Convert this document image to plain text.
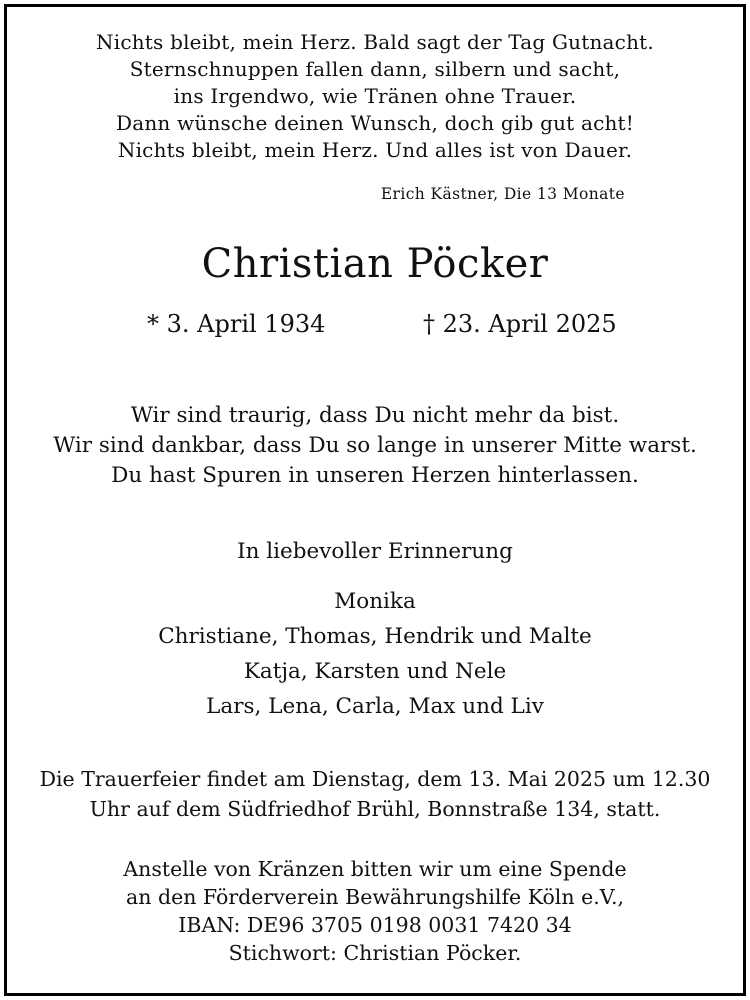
Nichts bleibt, mein Herz. Bald sagt der Tag Gutnacht.
Sternschnuppen fallen dann, silbern und sacht,
ins Irgendwo, wie Tränen ohne Trauer.
Dann wünsche deinen Wunsch, doch gib gut acht!
Nichts bleibt, mein Herz. Und alles ist von Dauer.
Erich Kästner, Die 13 Monate
Christian Pöcker
* 3. April 1934	† 23. April 2025
Wir sind traurig, dass Du nicht mehr da bist.
Wir sind dankbar, dass Du so lange in unserer Mitte warst.
Du hast Spuren in unseren Herzen hinterlassen.
In liebevoller Erinnerung
Monika
Christiane, Thomas, Hendrik und Malte
Katja, Karsten und Nele
Lars, Lena, Carla, Max und Liv
Die Trauerfeier findet am Dienstag, dem 13. Mai 2025 um 12.30
Uhr auf dem Südfriedhof Brühl, Bonnstraße 134, statt.
Anstelle von Kränzen bitten wir um eine Spende
an den Förderverein Bewährungshilfe Köln e.V.,
IBAN: DE96 3705 0198 0031 7420 34
Stichwort: Christian Pöcker.
